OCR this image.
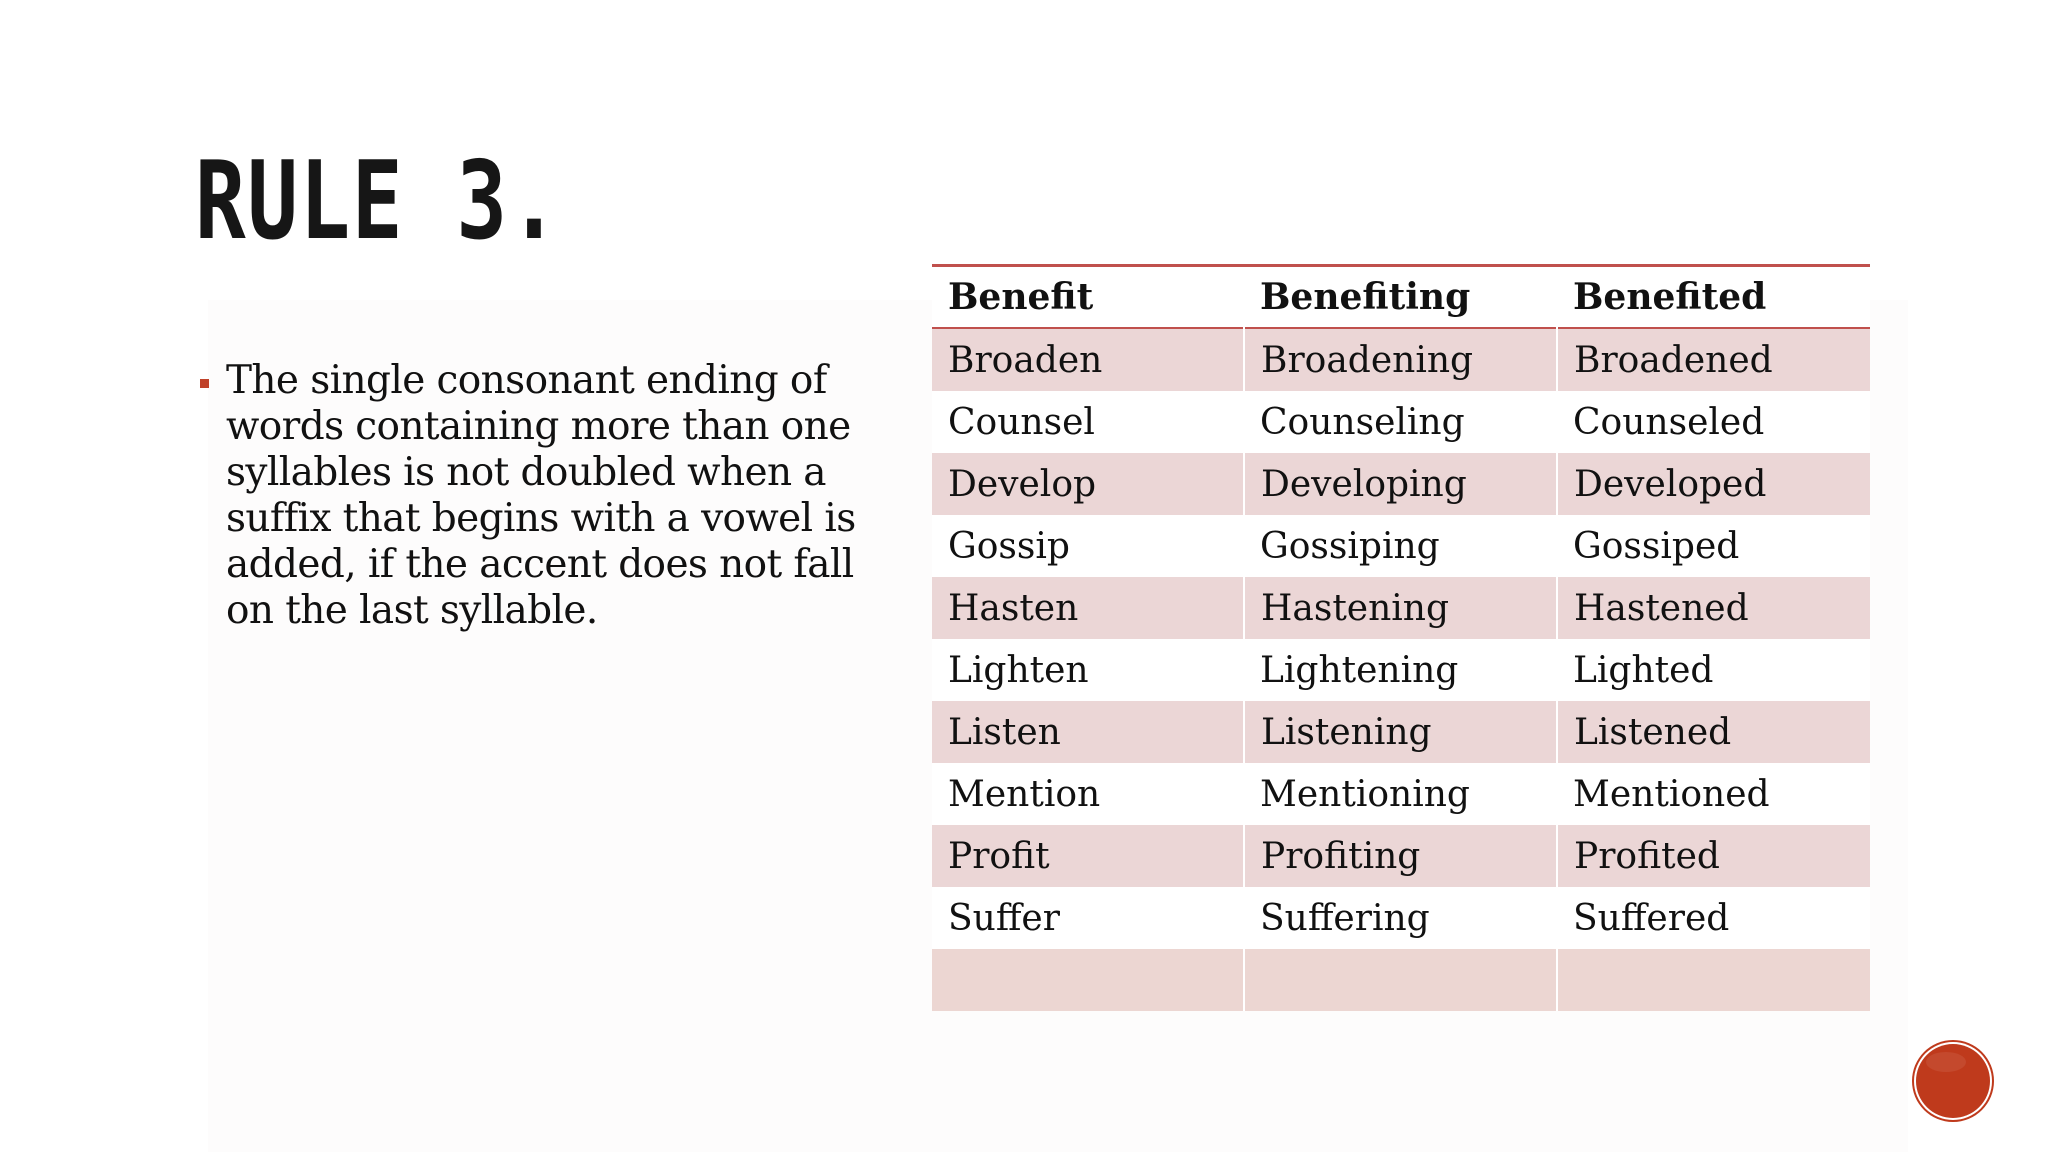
RULE 3.
The single consonant ending of words containing more than one syllables is not doubled when a suffix that begins with a vowel is added, if the accent does not fall on the last syllable.
Benefit	Benefiting	Benefited
Broaden	Broadening	Broadened
Counsel	Counseling	Counseled
Develop	Developing	Developed
Gossip	Gossiping	Gossiped
Hasten	Hastening	Hastened
Lighten	Lightening	Lighted
Listen	Listening	Listened
Mention	Mentioning	Mentioned
Profit	Profiting	Profited
Suffer	Suffering	Suffered
